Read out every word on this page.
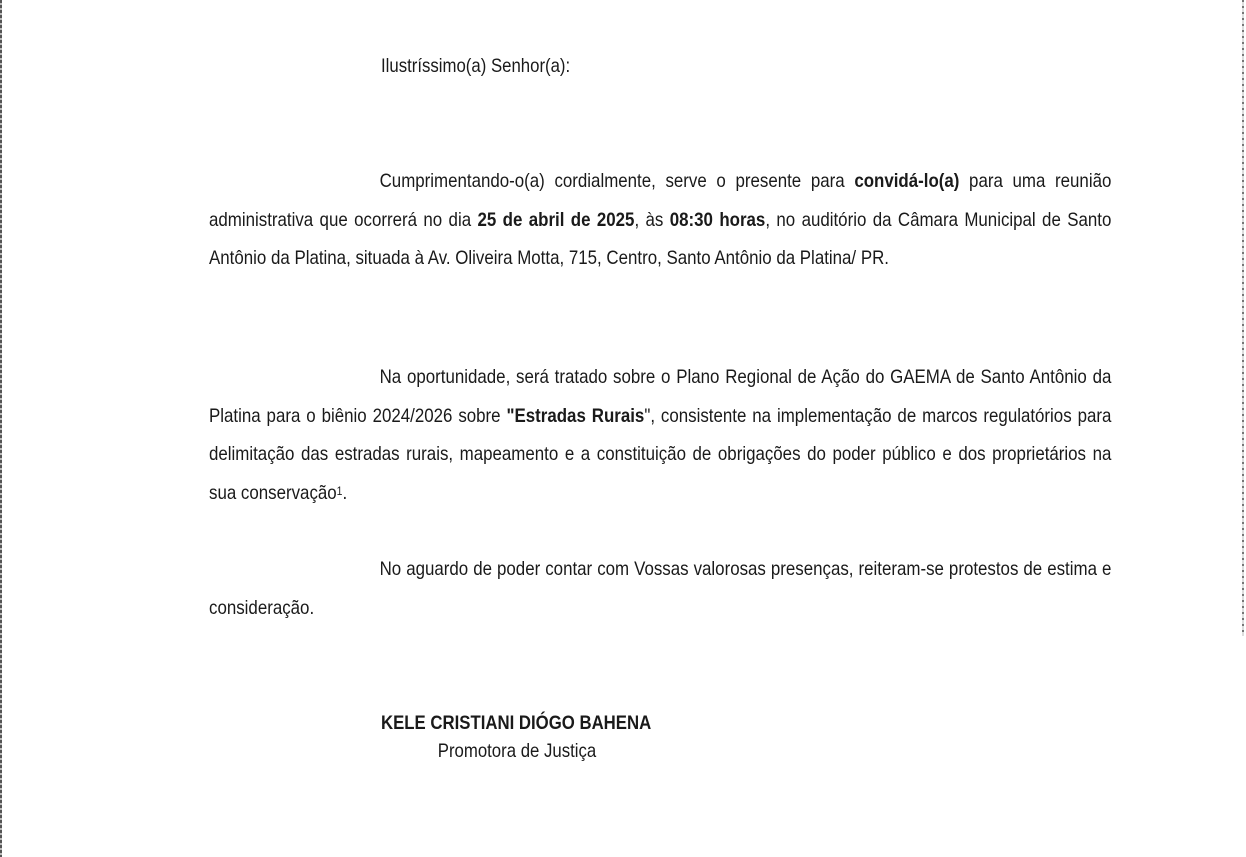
Ilustríssimo(a) Senhor(a):

Cumprimentando-o(a) cordialmente, serve o presente para convidá-lo(a) para uma reunião administrativa que ocorrerá no dia 25 de abril de 2025, às 08:30 horas, no auditório da Câmara Municipal de Santo Antônio da Platina, situada à Av. Oliveira Motta, 715, Centro, Santo Antônio da Platina/ PR.

Na oportunidade, será tratado sobre o Plano Regional de Ação do GAEMA de Santo Antônio da Platina para o biênio 2024/2026 sobre "Estradas Rurais", consistente na implementação de marcos regulatórios para delimitação das estradas rurais, mapeamento e a constituição de obrigações do poder público e dos proprietários na sua conservação$^1$.

No aguardo de poder contar com Vossas valorosas presenças, reiteram-se protestos de estima e consideração.

KELE CRISTIANI DIÓGO BAHENA
Promotora de Justiça
